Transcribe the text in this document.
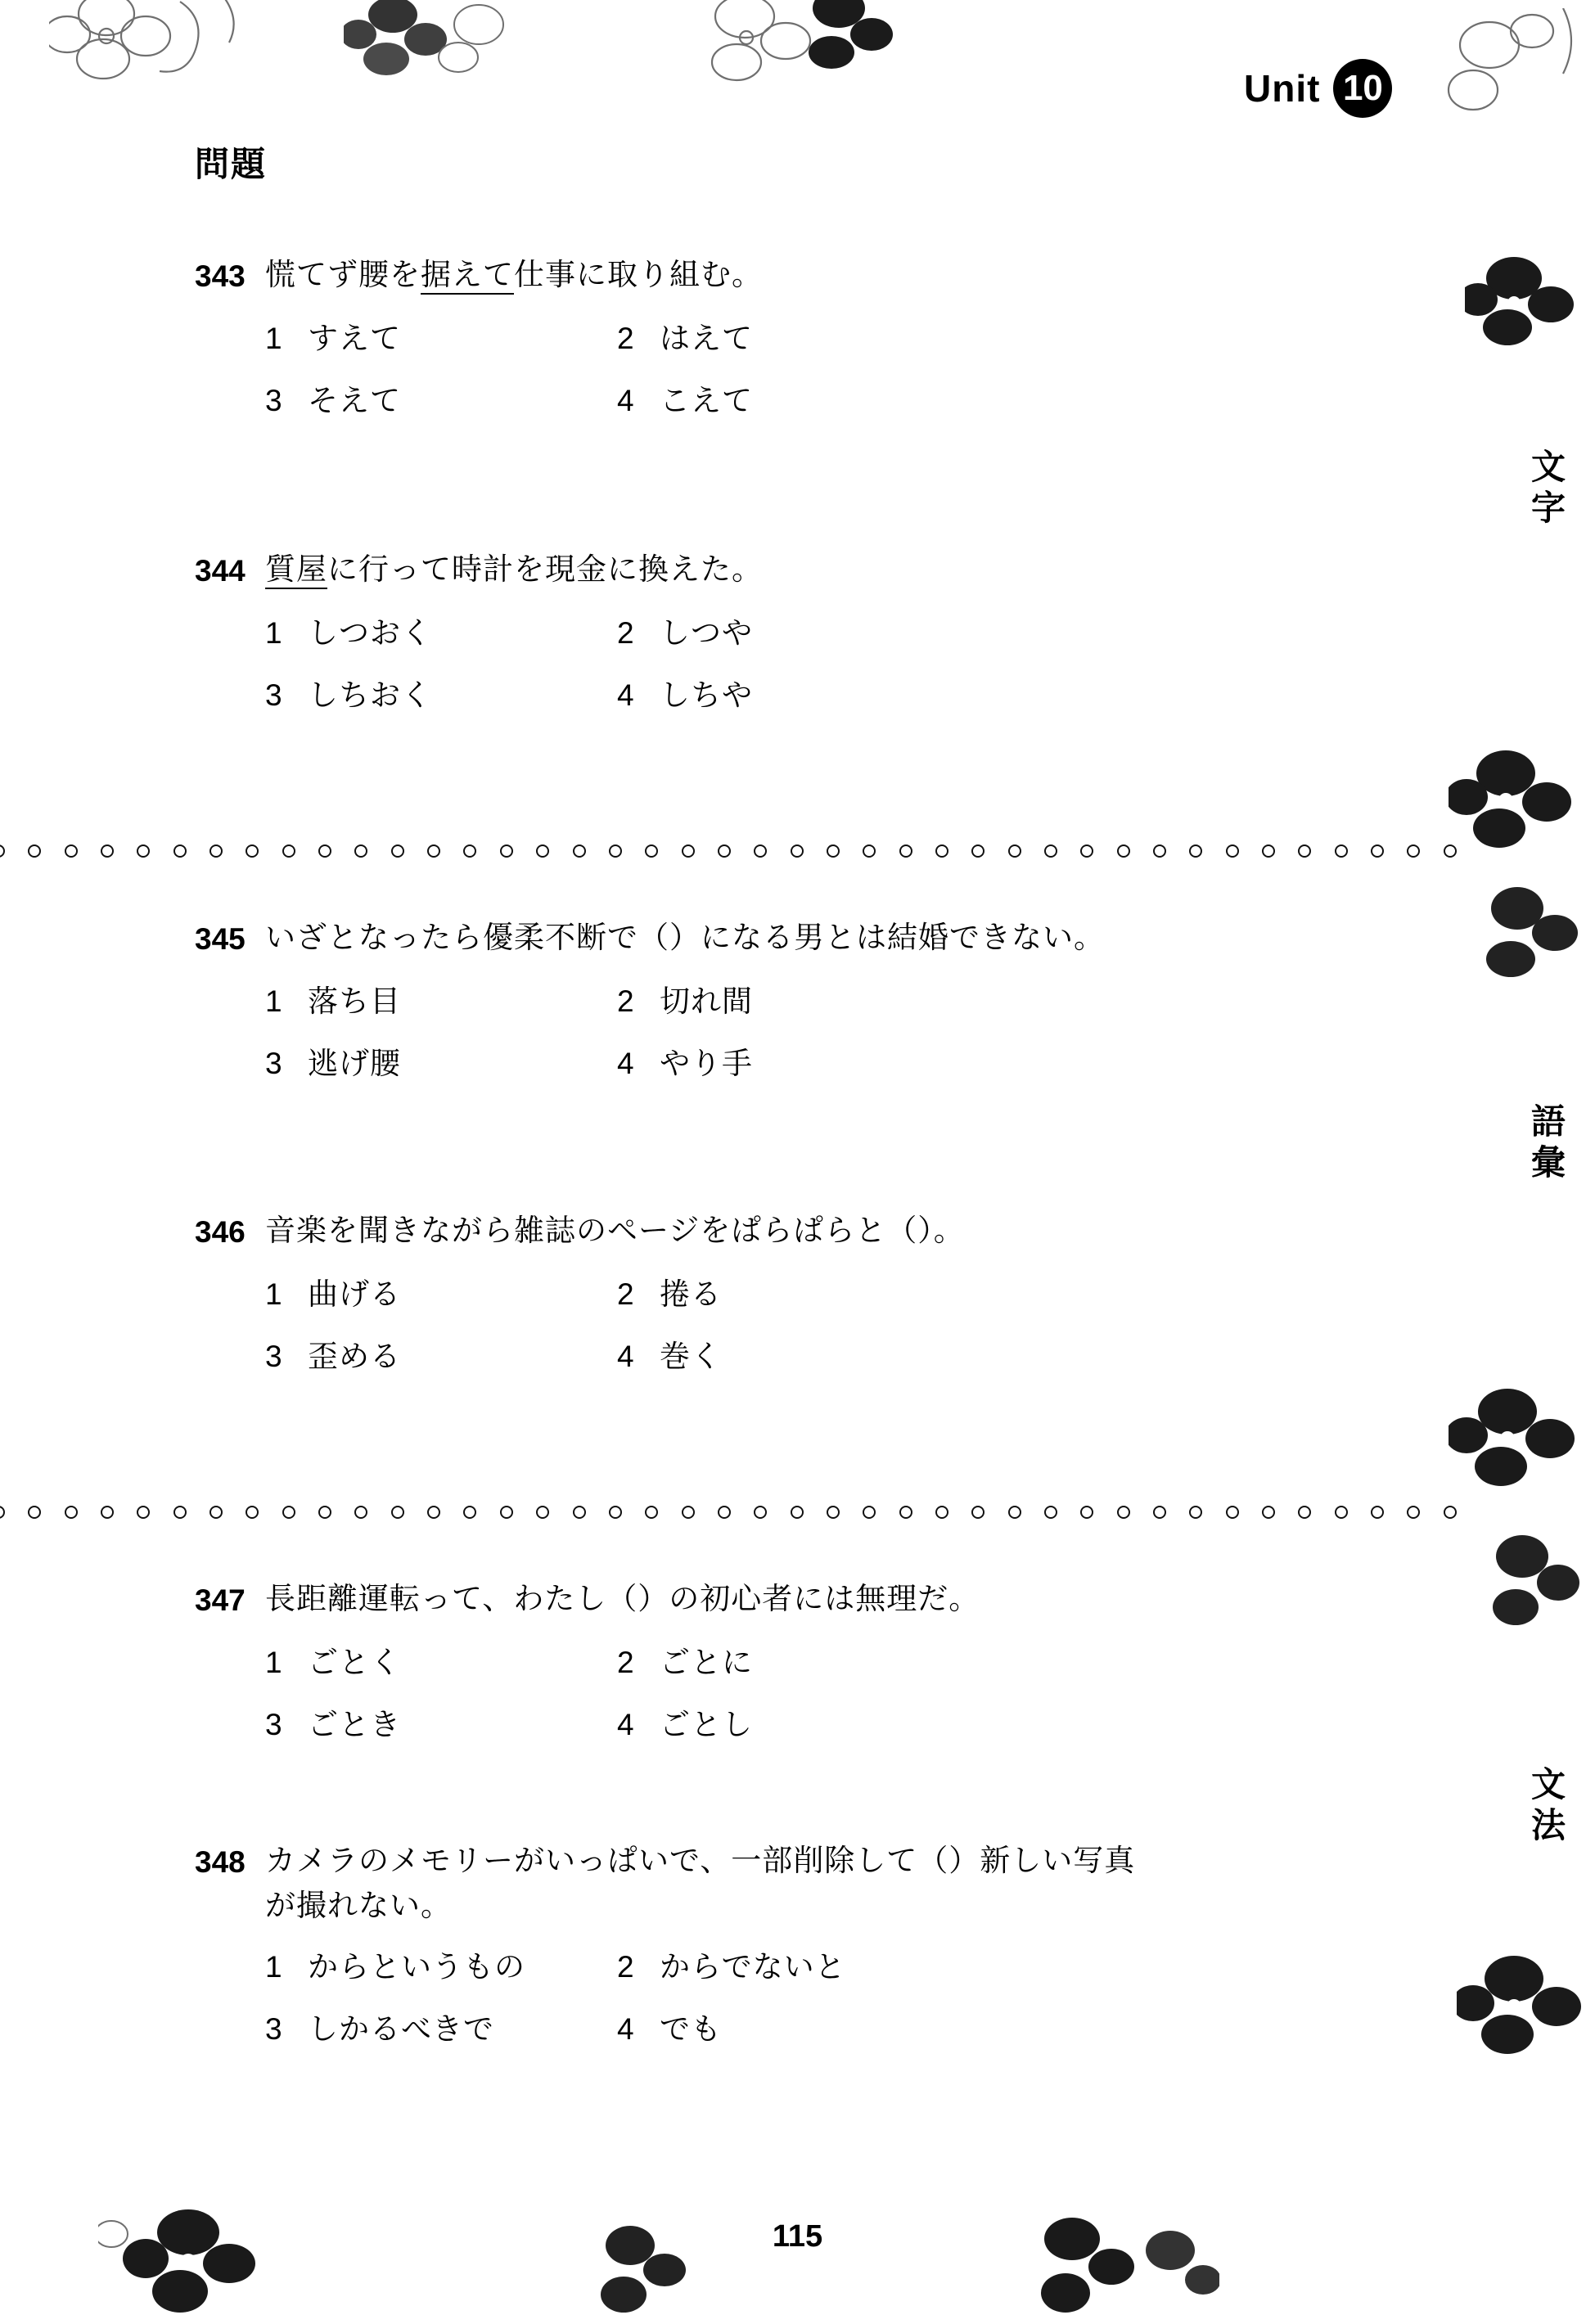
Unit 10
問題
文字
語彙
文法
343 慌てず腰を据えて仕事に取り組む。
1 すえて	2 はえて
3 そえて	4 こえて
344 質屋に行って時計を現金に換えた。
1 しつおく	2 しつや
3 しちおく	4 しちや
345 いざとなったら優柔不断で（）になる男とは結婚できない。
1 落ち目	2 切れ間
3 逃げ腰	4 やり手
346 音楽を聞きながら雑誌のページをぱらぱらと（）。
1 曲げる	2 捲る
3 歪める	4 巻く
347 長距離運転って、わたし（）の初心者には無理だ。
1 ごとく	2 ごとに
3 ごとき	4 ごとし
348 カメラのメモリーがいっぱいで、一部削除して（）新しい写真
が撮れない。
1 からというもの	2 からでないと
3 しかるべきで	4 でも
115
